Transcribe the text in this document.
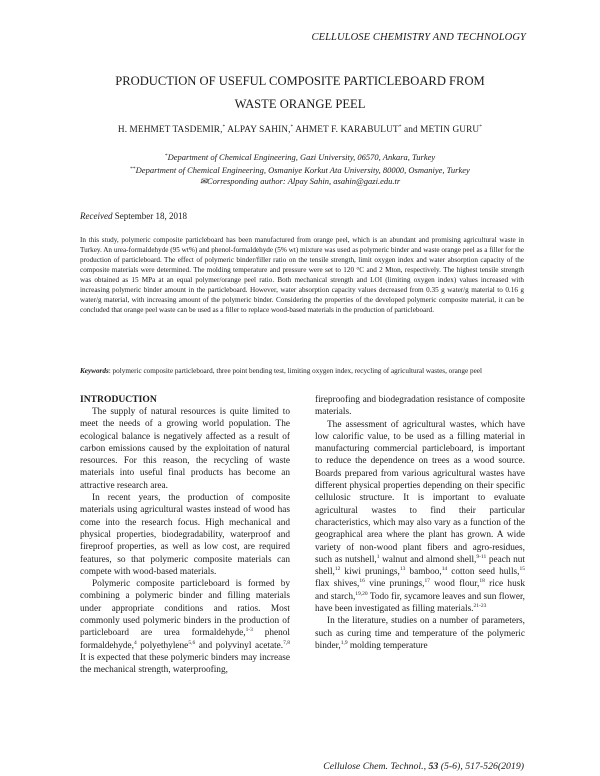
CELLULOSE CHEMISTRY AND TECHNOLOGY
PRODUCTION OF USEFUL COMPOSITE PARTICLEBOARD FROM
WASTE ORANGE PEEL
H. MEHMET TASDEMIR,* ALPAY SAHIN,* AHMET F. KARABULUT* and METIN GURU*
*Department of Chemical Engineering, Gazi University, 06570, Ankara, Turkey
**Department of Chemical Engineering, Osmaniye Korkut Ata University, 80000, Osmaniye, Turkey
✉Corresponding author: Alpay Sahin, asahin@gazi.edu.tr
Received September 18, 2018
In this study, polymeric composite particleboard has been manufactured from orange peel, which is an abundant and promising agricultural waste in Turkey. An urea-formaldehyde (95 wt%) and phenol-formaldehyde (5% wt) mixture was used as polymeric binder and waste orange peel as a filler for the production of particleboard. The effect of polymeric binder/filler ratio on the tensile strength, limit oxygen index and water absorption capacity of the composite materials were determined. The molding temperature and pressure were set to 120 °C and 2 Mton, respectively. The highest tensile strength was obtained as 15 MPa at an equal polymer/orange peel ratio. Both mechanical strength and LOI (limiting oxygen index) values increased with increasing polymeric binder amount in the particleboard. However, water absorption capacity values decreased from 0.35 g water/g material to 0.16 g water/g material, with increasing amount of the polymeric binder. Considering the properties of the developed polymeric composite material, it can be concluded that orange peel waste can be used as a filler to replace wood-based materials in the production of particleboard.
Keywords: polymeric composite particleboard, three point bending test, limiting oxygen index, recycling of agricultural wastes, orange peel
INTRODUCTION

The supply of natural resources is quite limited to meet the needs of a growing world population. The ecological balance is negatively affected as a result of carbon emissions caused by the exploitation of natural resources. For this reason, the recycling of waste materials into useful final products has become an attractive research area.

In recent years, the production of composite materials using agricultural wastes instead of wood has come into the research focus. High mechanical and physical properties, biodegradability, waterproof and fireproof properties, as well as low cost, are required features, so that polymeric composite materials can compete with wood-based materials.

Polymeric composite particleboard is formed by combining a polymeric binder and filling materials under appropriate conditions and ratios. Most commonly used polymeric binders in the production of particleboard are urea formaldehyde,$^{1-3}$ phenol formaldehyde,$^4$ polyethylene$^{5,6}$ and polyvinyl acetate.$^{7,8}$ It is expected that these polymeric binders may increase the mechanical strength, waterproofing,

fireproofing and biodegradation resistance of composite materials.

The assessment of agricultural wastes, which have low calorific value, to be used as a filling material in manufacturing commercial particleboard, is important to reduce the dependence on trees as a wood source. Boards prepared from various agricultural wastes have different physical properties depending on their specific cellulosic structure. It is important to evaluate agricultural wastes to find their particular characteristics, which may also vary as a function of the geographical area where the plant has grown. A wide variety of non-wood plant fibers and agro-residues, such as nutshell,$^1$ walnut and almond shell,$^{9-11}$ peach nut shell,$^{12}$ kiwi prunings,$^{13}$ bamboo,$^{14}$ cotton seed hulls,$^{15}$ flax shives,$^{16}$ vine prunings,$^{17}$ wood flour,$^{18}$ rice husk and starch,$^{19,20}$ Todo fir, sycamore leaves and sun flower, have been investigated as filling materials.$^{21-23}$

In the literature, studies on a number of parameters, such as curing time and temperature of the polymeric binder,$^{1,9}$ molding temperature

Cellulose Chem. Technol., 53 (5-6), 517-526(2019)
